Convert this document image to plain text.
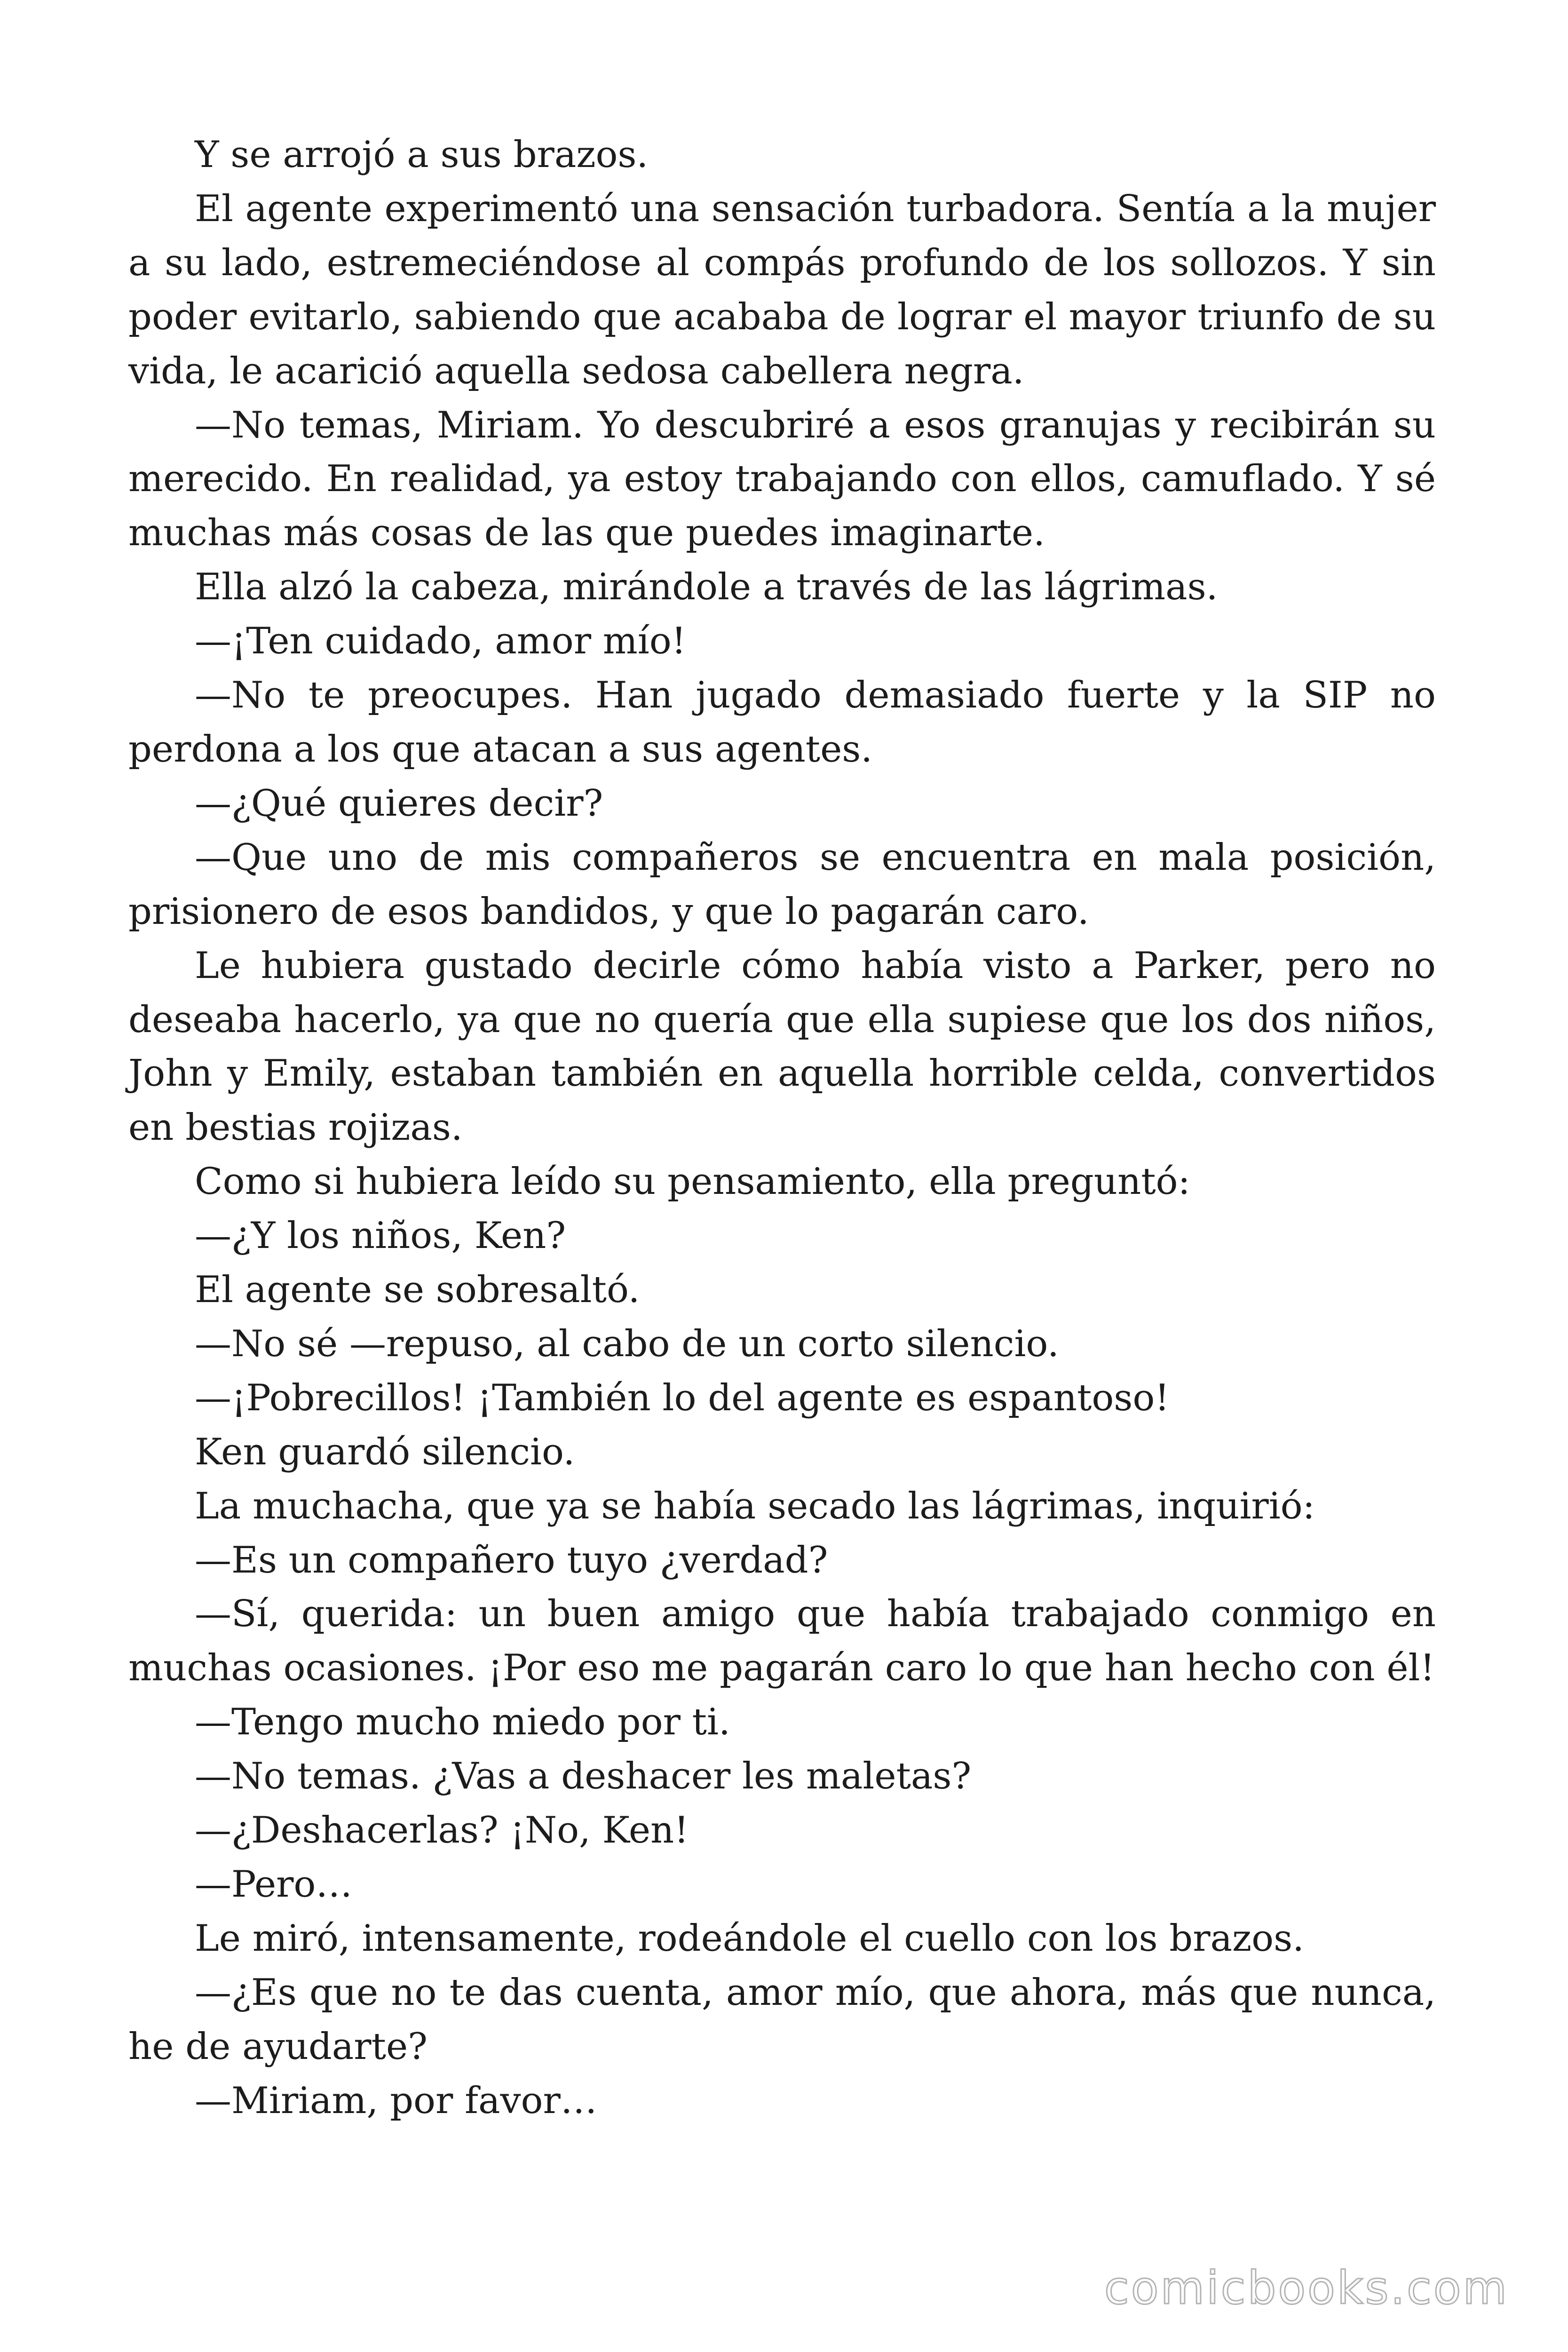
Y se arrojó a sus brazos.

El agente experimentó una sensación turbadora. Sentía a la mujer a su lado, estremeciéndose al compás profundo de los sollozos. Y sin poder evitarlo, sabiendo que acababa de lograr el mayor triunfo de su vida, le acarició aquella sedosa cabellera negra.

—No temas, Miriam. Yo descubriré a esos granujas y recibirán su merecido. En realidad, ya estoy trabajando con ellos, camuflado. Y sé muchas más cosas de las que puedes imaginarte.

Ella alzó la cabeza, mirándole a través de las lágrimas.

—¡Ten cuidado, amor mío!

—No te preocupes. Han jugado demasiado fuerte y la SIP no perdona a los que atacan a sus agentes.

—¿Qué quieres decir?

—Que uno de mis compañeros se encuentra en mala posición, prisionero de esos bandidos, y que lo pagarán caro.

Le hubiera gustado decirle cómo había visto a Parker, pero no deseaba hacerlo, ya que no quería que ella supiese que los dos niños, John y Emily, estaban también en aquella horrible celda, convertidos en bestias rojizas.

Como si hubiera leído su pensamiento, ella preguntó:

—¿Y los niños, Ken?

El agente se sobresaltó.

—No sé —repuso, al cabo de un corto silencio.

—¡Pobrecillos! ¡También lo del agente es espantoso!

Ken guardó silencio.

La muchacha, que ya se había secado las lágrimas, inquirió:

—Es un compañero tuyo ¿verdad?

—Sí, querida: un buen amigo que había trabajado conmigo en muchas ocasiones. ¡Por eso me pagarán caro lo que han hecho con él!

—Tengo mucho miedo por ti.

—No temas. ¿Vas a deshacer les maletas?

—¿Deshacerlas? ¡No, Ken!

—Pero…

Le miró, intensamente, rodeándole el cuello con los brazos.

—¿Es que no te das cuenta, amor mío, que ahora, más que nunca, he de ayudarte?

—Miriam, por favor…

comicbooks.com
